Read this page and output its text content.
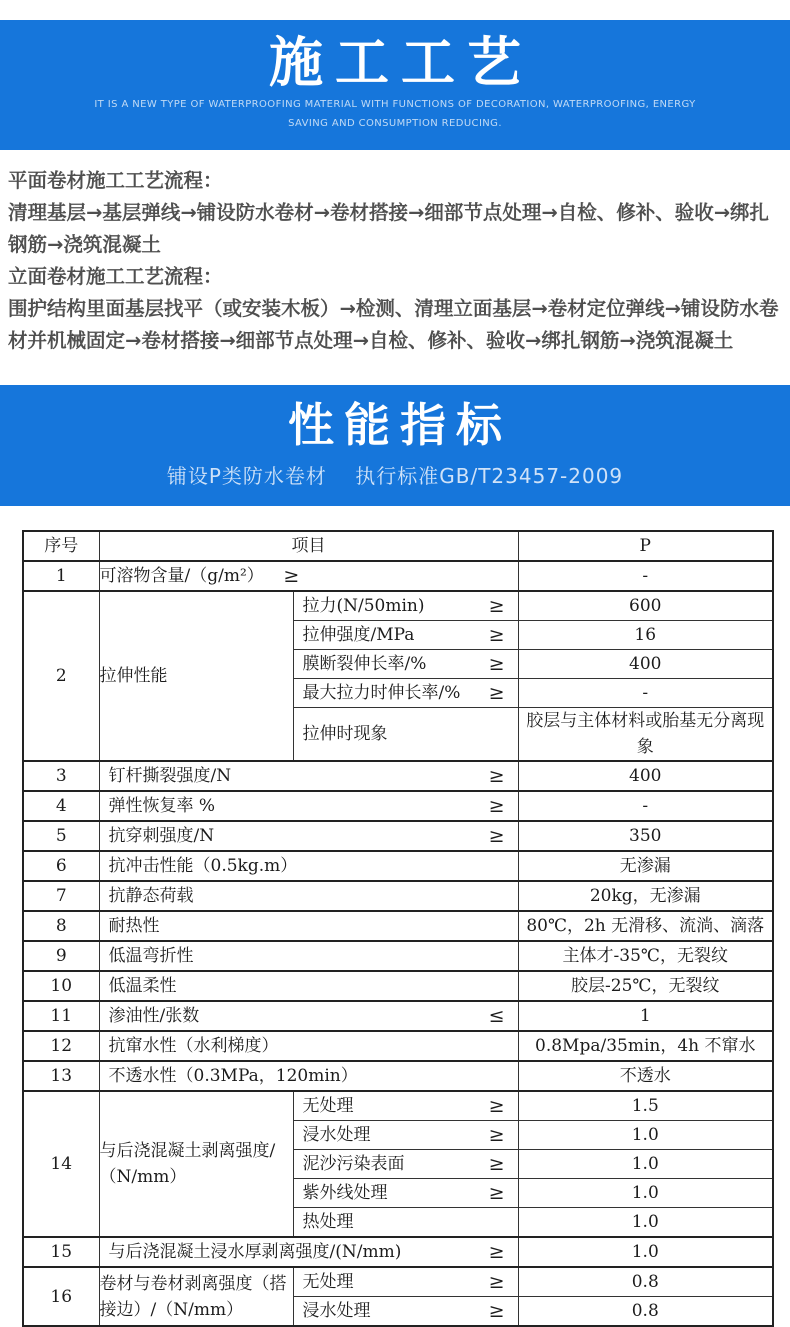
施工工艺
IT IS A NEW TYPE OF WATERPROOFING MATERIAL WITH FUNCTIONS OF DECORATION, WATERPROOFING, ENERGY
SAVING AND CONSUMPTION REDUCING.

平面卷材施工工艺流程：

清理基层→基层弹线→铺设防水卷材→卷材搭接→细部节点处理→自检、修补、验收→绑扎钢筋→浇筑混凝土

立面卷材施工工艺流程：

围护结构里面基层找平（或安装木板）→检测、清理立面基层→卷材定位弹线→铺设防水卷材并机械固定→卷材搭接→细部节点处理→自检、修补、验收→绑扎钢筋→浇筑混凝土

性能指标
铺设P类防水卷材　 执行标准GB/T23457-2009
序号	项目		P
1	可溶物含量/（g/m²） ≥		-
2	拉伸性能	拉力(N/50min) ≥	600

		拉伸强度/MPa ≥	16

		膜断裂伸长率/% ≥	400

		最大拉力时伸长率/% ≥	-

		拉伸时现象	胶层与主体材料或胎基无分离现象
3	钉杆撕裂强度/N ≥		400
4	弹性恢复率 % ≥		-
5	抗穿刺强度/N ≥		350
6	抗冲击性能（0.5kg.m）		无渗漏
7	抗静态荷载		20kg，无渗漏
8	耐热性		80℃，2h 无滑移、流淌、滴落
9	低温弯折性		主体才-35℃，无裂纹
10	低温柔性		胶层-25℃，无裂纹
11	渗油性/张数 ≤		1
12	抗窜水性（水利梯度）		0.8Mpa/35min，4h 不窜水
13	不透水性（0.3MPa，120min）		不透水
14	与后浇混凝土剥离强度/（N/mm）	无处理 ≥	1.5

		浸水处理 ≥	1.0

		泥沙污染表面 ≥	1.0

		紫外线处理 ≥	1.0

		热处理	1.0
15	与后浇混凝土浸水厚剥离强度/(N/mm) ≥		1.0
16	卷材与卷材剥离强度（搭接边）/（N/mm）	无处理 ≥	0.8

		浸水处理 ≥	0.8
